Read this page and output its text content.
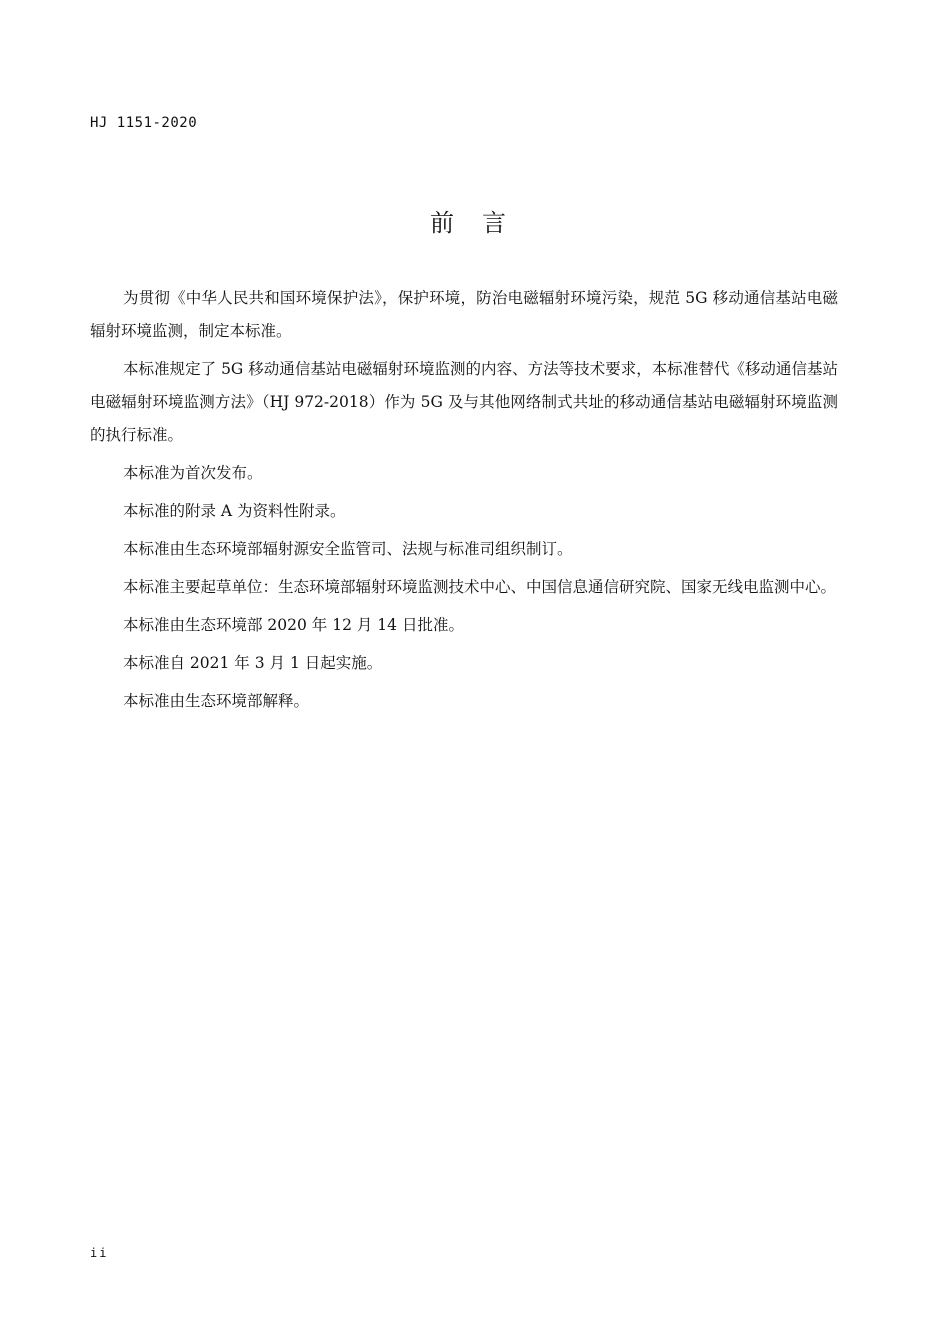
HJ 1151-2020
前言

为贯彻《中华人民共和国环境保护法》，保护环境，防治电磁辐射环境污染，规范 5G 移动通信基站电磁辐射环境监测，制定本标准。

本标准规定了 5G 移动通信基站电磁辐射环境监测的内容、方法等技术要求，本标准替代《移动通信基站电磁辐射环境监测方法》（HJ 972-2018）作为 5G 及与其他网络制式共址的移动通信基站电磁辐射环境监测的执行标准。

本标准为首次发布。

本标准的附录 A 为资料性附录。

本标准由生态环境部辐射源安全监管司、法规与标准司组织制订。

本标准主要起草单位：生态环境部辐射环境监测技术中心、中国信息通信研究院、国家无线电监测中心。

本标准由生态环境部 2020 年 12 月 14 日批准。

本标准自 2021 年 3 月 1 日起实施。

本标准由生态环境部解释。

ii
